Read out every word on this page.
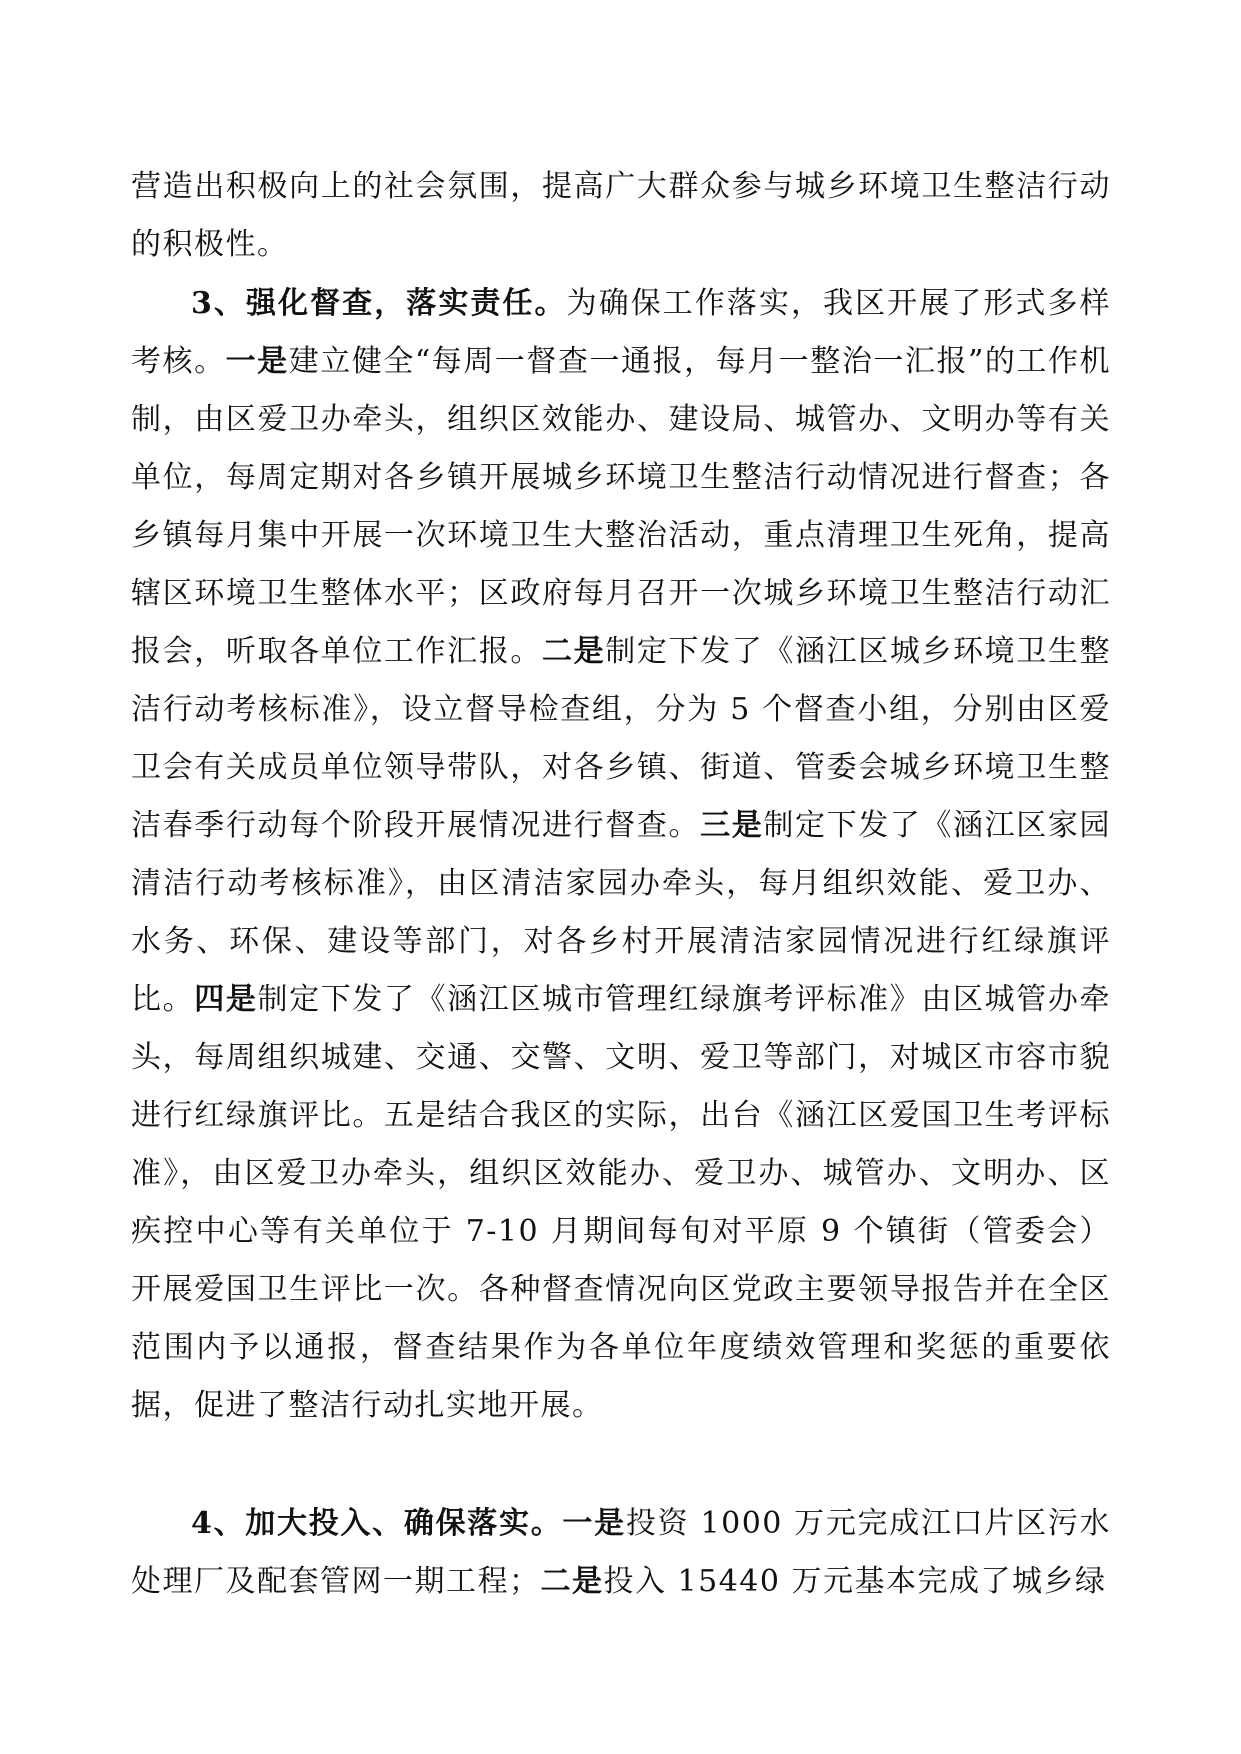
营造出积极向上的社会氛围，提高广大群众参与城乡环境卫生整洁行动的积极性。
3、强化督查，落实责任。为确保工作落实，我区开展了形式多样考核。一是建立健全“每周一督查一通报，每月一整治一汇报”的工作机制，由区爱卫办牵头，组织区效能办、建设局、城管办、文明办等有关单位，每周定期对各乡镇开展城乡环境卫生整洁行动情况进行督查；各乡镇每月集中开展一次环境卫生大整治活动，重点清理卫生死角，提高辖区环境卫生整体水平；区政府每月召开一次城乡环境卫生整洁行动汇报会，听取各单位工作汇报。二是制定下发了《涵江区城乡环境卫生整洁行动考核标准》，设立督导检查组，分为 5 个督查小组，分别由区爱卫会有关成员单位领导带队，对各乡镇、街道、管委会城乡环境卫生整洁春季行动每个阶段开展情况进行督查。三是制定下发了《涵江区家园清洁行动考核标准》，由区清洁家园办牵头，每月组织效能、爱卫办、水务、环保、建设等部门，对各乡村开展清洁家园情况进行红绿旗评比。四是制定下发了《涵江区城市管理红绿旗考评标准》由区城管办牵头，每周组织城建、交通、交警、文明、爱卫等部门，对城区市容市貌进行红绿旗评比。五是结合我区的实际，出台《涵江区爱国卫生考评标准》，由区爱卫办牵头，组织区效能办、爱卫办、城管办、文明办、区疾控中心等有关单位于 7-10 月期间每旬对平原 9 个镇街（管委会）开展爱国卫生评比一次。各种督查情况向区党政主要领导报告并在全区范围内予以通报，督查结果作为各单位年度绩效管理和奖惩的重要依据，促进了整洁行动扎实地开展。
4、加大投入、确保落实。一是投资 1000 万元完成江口片区污水处理厂及配套管网一期工程；二是投入 15440 万元基本完成了城乡绿
